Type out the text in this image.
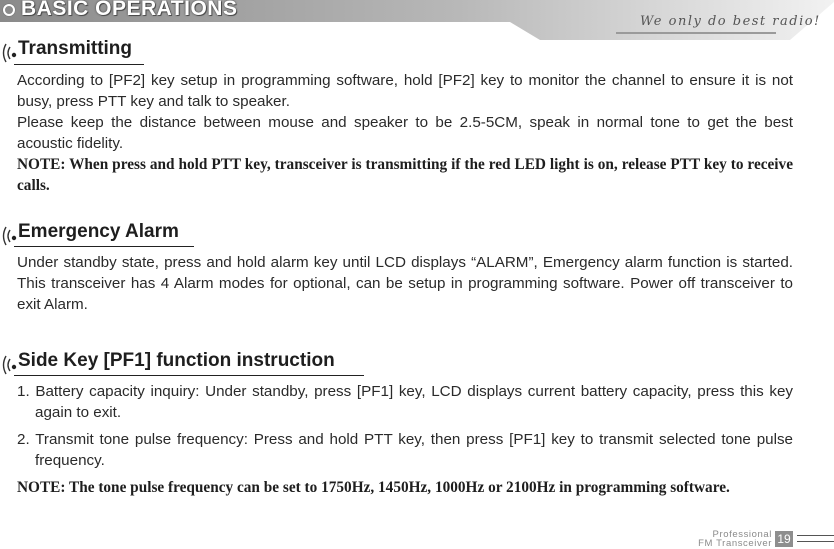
BASIC OPERATIONS
We only do best radio!
Transmitting
According to [PF2] key setup in programming software, hold [PF2] key to monitor the channel to ensure it is not busy, press PTT key and talk to speaker.
Please keep the distance between mouse and speaker to be 2.5-5CM, speak in normal tone to get the best acoustic fidelity.
NOTE: When press and hold PTT key, transceiver is transmitting if the red LED light is on, release PTT key to receive calls.
Emergency Alarm
Under standby state, press and hold alarm key until LCD displays “ALARM”, Emergency alarm function is started. This transceiver has 4 Alarm modes for optional, can be setup in programming software. Power off transceiver to exit Alarm.
Side Key [PF1] function instruction
1. Battery capacity inquiry: Under standby, press [PF1] key, LCD displays current battery capacity, press this key again to exit.
2. Transmit tone pulse frequency: Press and hold PTT key, then press [PF1] key to transmit selected tone pulse frequency.
NOTE: The tone pulse frequency can be set to 1750Hz, 1450Hz, 1000Hz or 2100Hz in programming software.
Professional
FM Transceiver 19
